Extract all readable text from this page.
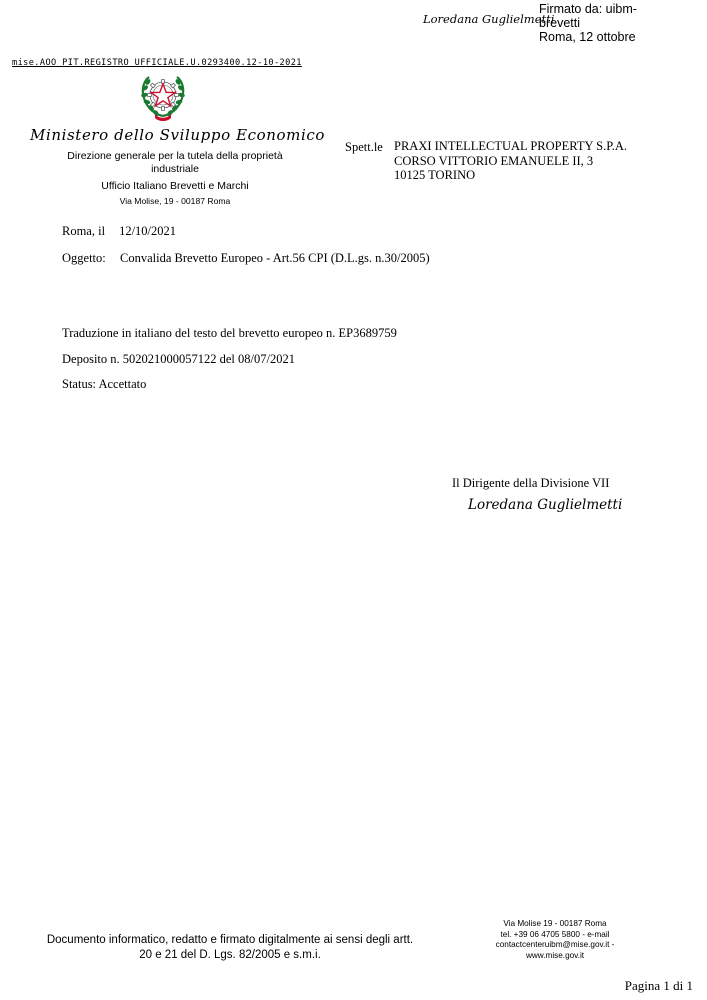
Loredana Guglielmetti
Firmato da: uibm-
brevetti
Roma, 12 ottobre
mise.AOO_PIT.REGISTRO UFFICIALE.U.0293400.12-10-2021
Ministero dello Sviluppo Economico
Direzione generale per la tutela della proprietà
industriale
Ufficio Italiano Brevetti e Marchi
Via Molise, 19 - 00187 Roma
Spett.le PRAXI INTELLECTUAL PROPERTY S.P.A.
CORSO VITTORIO EMANUELE II, 3
10125 TORINO
Roma, il 12/10/2021
Oggetto: Convalida Brevetto Europeo - Art.56 CPI (D.L.gs. n.30/2005)
Traduzione in italiano del testo del brevetto europeo n. EP3689759
Deposito n. 502021000057122 del 08/07/2021
Status: Accettato
Il Dirigente della Divisione VII
Loredana Guglielmetti
Via Molise 19 - 00187 Roma
tel. +39 06 4705 5800 - e-mail
contactcenteruibm@mise.gov.it -
www.mise.gov.it
Documento informatico, redatto e firmato digitalmente ai sensi degli artt.
20 e 21 del D. Lgs. 82/2005 e s.m.i.
Pagina 1 di 1
